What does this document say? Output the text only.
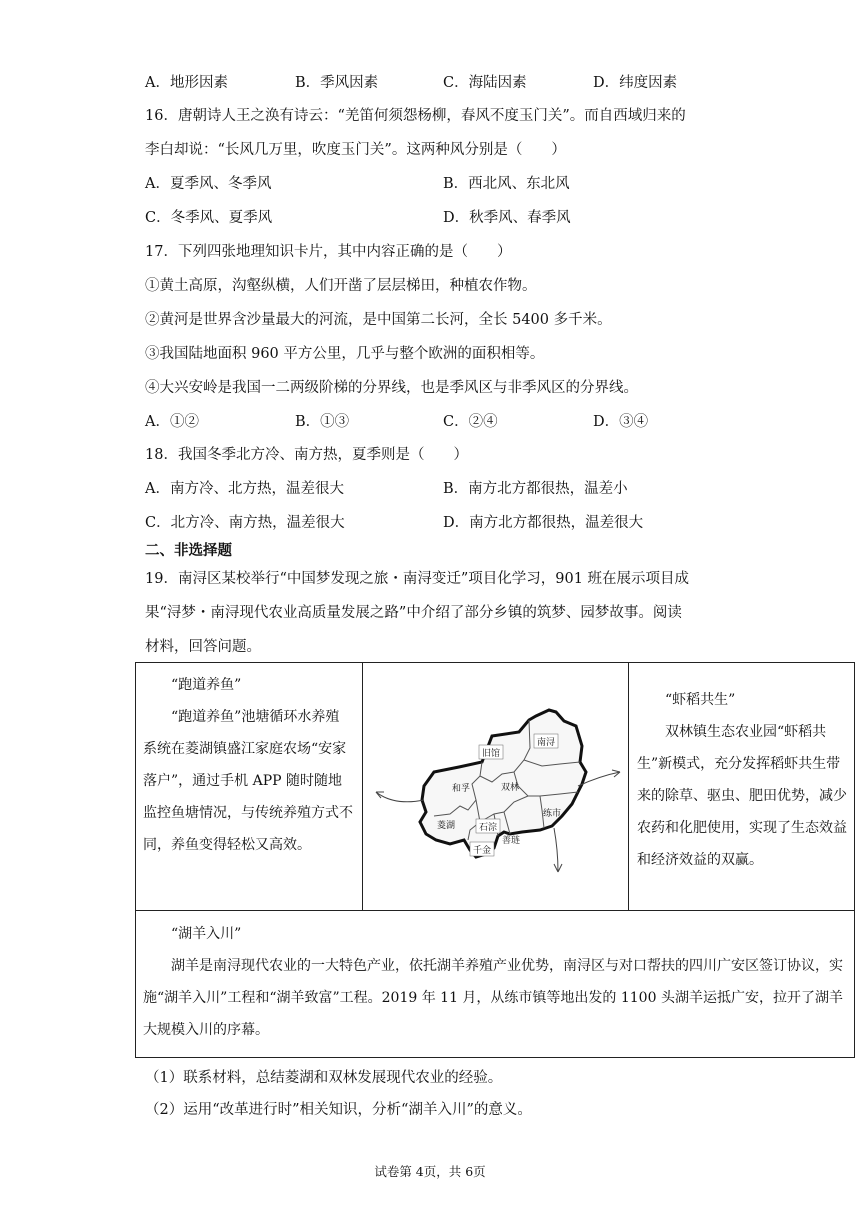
A．地形因素	B．季风因素	C．海陆因素	D．纬度因素
16．唐朝诗人王之涣有诗云：“羌笛何须怨杨柳，春风不度玉门关”。而自西域归来的
李白却说：“长风几万里，吹度玉门关”。这两种风分别是（　　）
A．夏季风、冬季风	B．西北风、东北风
C．冬季风、夏季风	D．秋季风、春季风
17．下列四张地理知识卡片，其中内容正确的是（　　）
①黄土高原，沟壑纵横，人们开凿了层层梯田，种植农作物。
②黄河是世界含沙量最大的河流，是中国第二长河，全长 5400 多千米。
③我国陆地面积 960 平方公里，几乎与整个欧洲的面积相等。
④大兴安岭是我国一二两级阶梯的分界线，也是季风区与非季风区的分界线。
A．①②	B．①③	C．②④	D．③④
18．我国冬季北方冷、南方热，夏季则是（　　）
A．南方冷、北方热，温差很大	B．南方北方都很热，温差小
C．北方冷、南方热，温差很大	D．南方北方都很热，温差很大
二、非选择题
19．南浔区某校举行“中国梦发现之旅・南浔变迁”项目化学习，901 班在展示项目成
果“浔梦・南浔现代农业高质量发展之路”中介绍了部分乡镇的筑梦、园梦故事。阅读
材料，回答问题。

“跑道养鱼”

“跑道养鱼”池塘循环水养殖系统在菱湖镇盛江家庭农场“安家落户”，通过手机 APP 随时随地监控鱼塘情况，与传统养殖方式不同，养鱼变得轻松又高效。

旧馆
南浔
和孚	双林
菱湖	石淙
练市
善琏
千金

“虾稻共生”

双林镇生态农业园“虾稻共生”新模式，充分发挥稻虾共生带来的除草、驱虫、肥田优势，减少农药和化肥使用，实现了生态效益和经济效益的双赢。

“湖羊入川”

湖羊是南浔现代农业的一大特色产业，依托湖羊养殖产业优势，南浔区与对口帮扶的四川广安区签订协议，实施“湖羊入川”工程和“湖羊致富”工程。2019 年 11 月，从练市镇等地出发的 1100 头湖羊运抵广安，拉开了湖羊大规模入川的序幕。

（1）联系材料，总结菱湖和双林发展现代农业的经验。
（2）运用“改革进行时”相关知识，分析“湖羊入川”的意义。
试卷第 4页，共 6页
